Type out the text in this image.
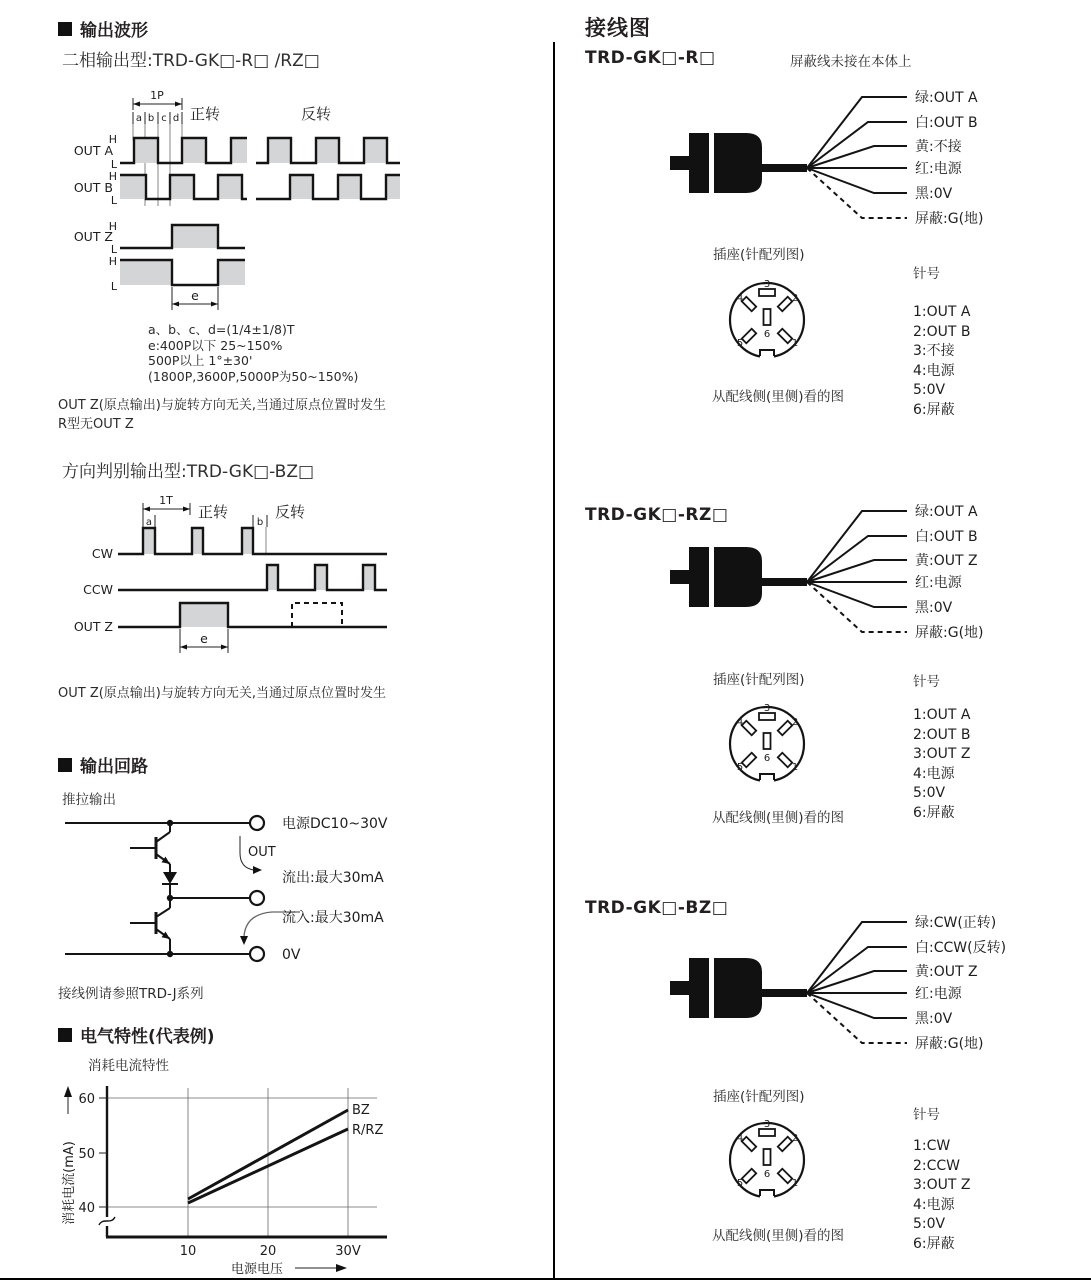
输出波形
二相输出型:TRD-GK□-R□ /RZ□
1P
a b c d 正转	反转
e
OUT A
OUT B
OUT Z
H
L
H
L
H
L
H
L
a、b、c、d=(1/4±1/8)T
e:400P以下 25~150%
500P以上 1°±30'
(1800P,3600P,5000P为50~150%)
OUT Z(原点输出)与旋转方向无关,当通过原点位置时发生
R型无OUT Z
方向判别输出型:TRD-GK□-BZ□
1T
a	b
正转	反转
e
CW
CCW
OUT Z
OUT Z(原点输出)与旋转方向无关,当通过原点位置时发生
输出回路
推拉输出
OUT
电源DC10~30V
流出:最大30mA
流入:最大30mA
0V
接线例请参照TRD-J系列
电气特性(代表例)
消耗电流特性
60
50
40
10	20	30V
BZ
R/RZ
消耗电流(mA)
电源电压
接线图
TRD-GK□-R□	屏蔽线未接在本体上
绿:OUT A
白:OUT B
黄:不接
红:电源
黑:0V
屏蔽:G(地)
插座(针配列图)
针号
3
4	2
5	1
6
1:OUT A
2:OUT B
3:不接
4:电源
5:0V
6:屏蔽
从配线侧(里侧)看的图
TRD-GK□-RZ□	绿:OUT A
白:OUT B
黄:OUT Z
红:电源
黑:0V
屏蔽:G(地)
插座(针配列图)	针号
3
4	2
5	1
6
1:OUT A
2:OUT B
3:OUT Z
4:电源
5:0V
6:屏蔽
从配线侧(里侧)看的图
TRD-GK□-BZ□
绿:CW(正转)
白:CCW(反转)
黄:OUT Z
红:电源
黑:0V
屏蔽:G(地)
插座(针配列图)
针号
3
4	2
5	1
6
1:CW
2:CCW
3:OUT Z
4:电源
5:0V
6:屏蔽
从配线侧(里侧)看的图
